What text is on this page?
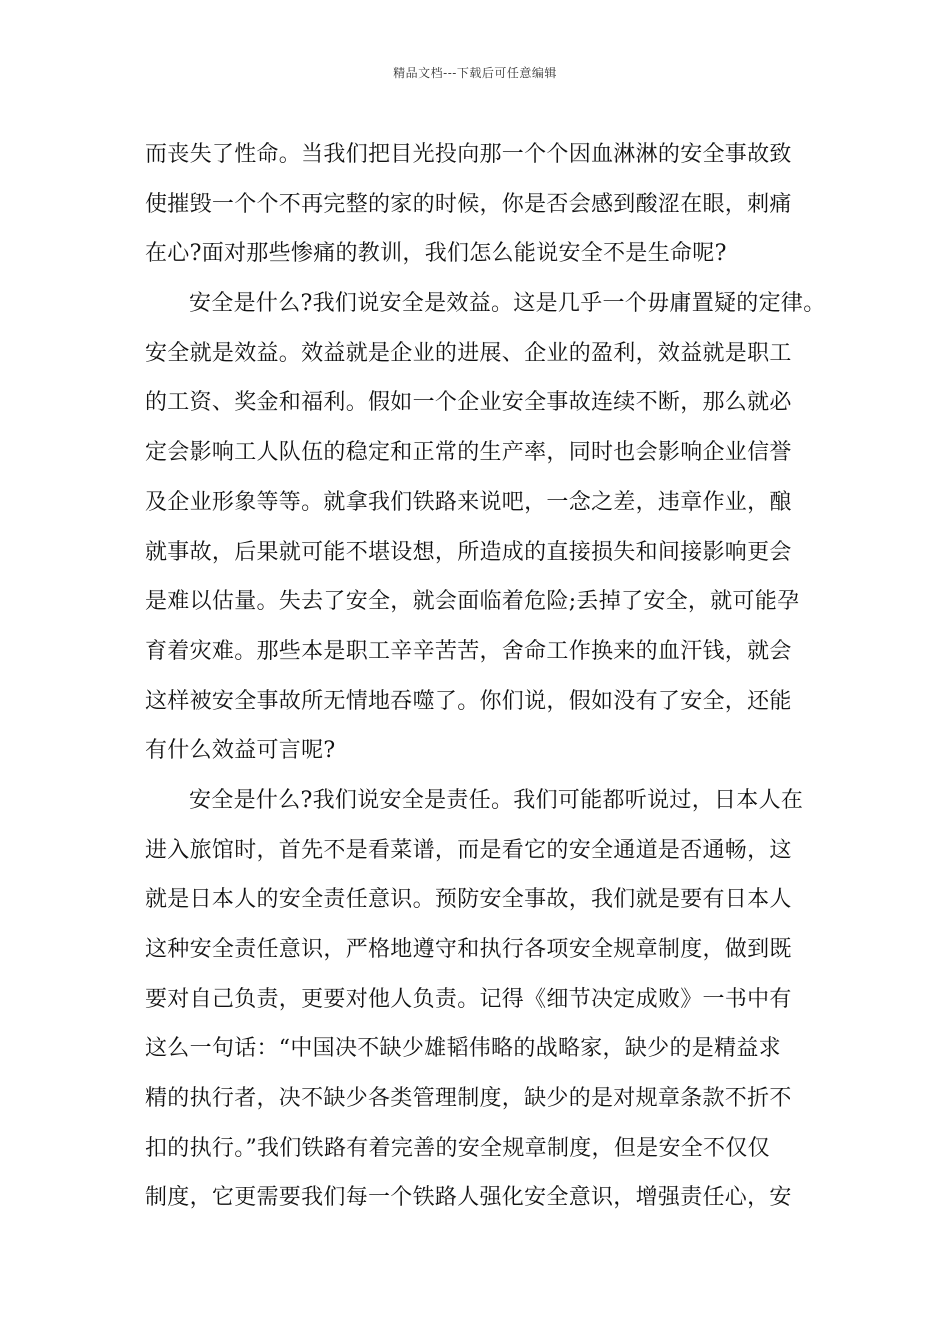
精品文档---下载后可任意编辑
而丧失了性命。当我们把目光投向那一个个因血淋淋的安全事故致
使摧毁一个个不再完整的家的时候，你是否会感到酸涩在眼，刺痛
在心?面对那些惨痛的教训，我们怎么能说安全不是生命呢?
安全是什么?我们说安全是效益。这是几乎一个毋庸置疑的定律。
安全就是效益。效益就是企业的进展、企业的盈利，效益就是职工
的工资、奖金和福利。假如一个企业安全事故连续不断，那么就必
定会影响工人队伍的稳定和正常的生产率，同时也会影响企业信誉
及企业形象等等。就拿我们铁路来说吧，一念之差，违章作业，酿
就事故，后果就可能不堪设想，所造成的直接损失和间接影响更会
是难以估量。失去了安全，就会面临着危险;丢掉了安全，就可能孕
育着灾难。那些本是职工辛辛苦苦，舍命工作换来的血汗钱，就会
这样被安全事故所无情地吞噬了。你们说，假如没有了安全，还能
有什么效益可言呢?
安全是什么?我们说安全是责任。我们可能都听说过，日本人在
进入旅馆时，首先不是看菜谱，而是看它的安全通道是否通畅，这
就是日本人的安全责任意识。预防安全事故，我们就是要有日本人
这种安全责任意识，严格地遵守和执行各项安全规章制度，做到既
要对自己负责，更要对他人负责。记得《细节决定成败》一书中有
这么一句话：“中国决不缺少雄韬伟略的战略家，缺少的是精益求
精的执行者，决不缺少各类管理制度，缺少的是对规章条款不折不
扣的执行。”我们铁路有着完善的安全规章制度，但是安全不仅仅
制度，它更需要我们每一个铁路人强化安全意识，增强责任心，安
